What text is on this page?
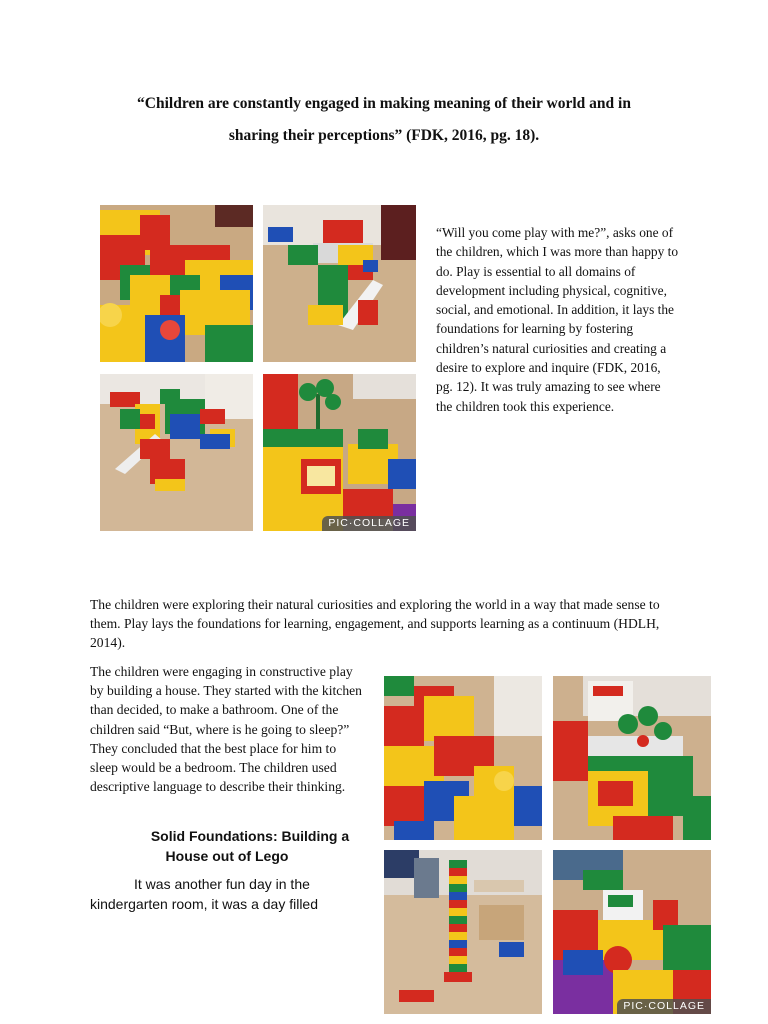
“Children are constantly engaged in making meaning of their world and in
sharing their perceptions” (FDK, 2016, pg. 18).
PIC·COLLAGE

“Will you come play with me?”, asks one of the children, which I was more than happy to do. Play is essential to all domains of development including physical, cognitive, social, and emotional. In addition, it lays the foundations for learning by fostering children’s natural curiosities and creating a desire to explore and inquire (FDK, 2016, pg. 12). It was truly amazing to see where the children took this experience.

The children were exploring their natural curiosities and exploring the world in a way that made sense to them. Play lays the foundations for learning, engagement, and supports learning as a continuum (HDLH, 2014).

The children were engaging in constructive play by building a house. They started with the kitchen than decided, to make a bathroom. One of the children said “But, where is he going to sleep?” They concluded that the best place for him to sleep would be a bedroom. The children used descriptive language to describe their thinking.

Solid Foundations: Building a
House out of Lego
It was another fun day in the
kindergarten room, it was a day filled
PIC·COLLAGE
